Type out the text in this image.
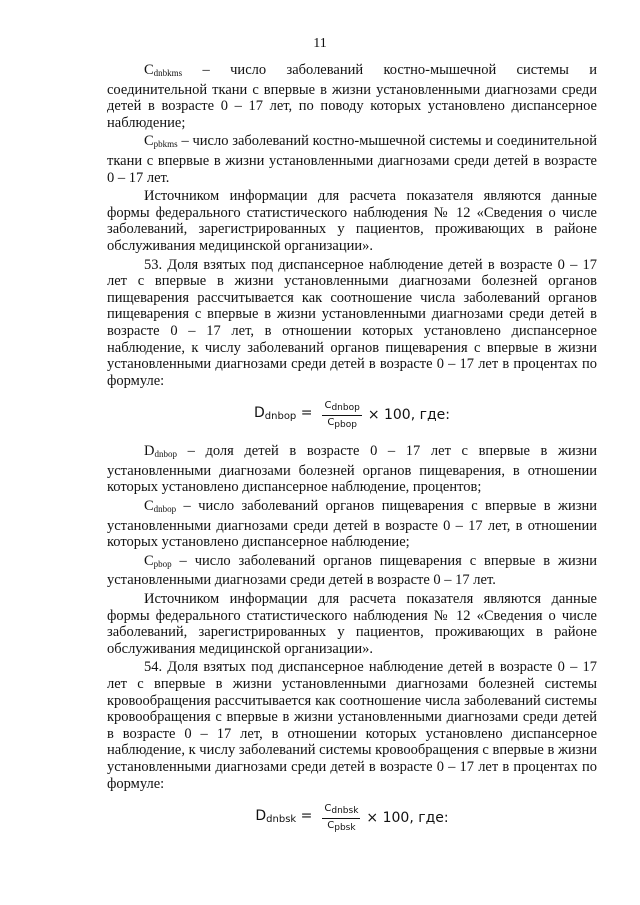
11

$C_{dnbkms}$ – число заболеваний костно-мышечной системы и соединительной ткани с впервые в жизни установленными диагнозами среди детей в возрасте 0 – 17 лет, по поводу которых установлено диспансерное наблюдение;

$C_{pbkms}$ – число заболеваний костно-мышечной системы и соединительной ткани с впервые в жизни установленными диагнозами среди детей в возрасте 0 – 17 лет.

Источником информации для расчета показателя являются данные формы федерального статистического наблюдения № 12 «Сведения о числе заболеваний, зарегистрированных у пациентов, проживающих в районе обслуживания медицинской организации».

53. Доля взятых под диспансерное наблюдение детей в возрасте 0 – 17 лет с впервые в жизни установленными диагнозами болезней органов пищеварения рассчитывается как соотношение числа заболеваний органов пищеварения с впервые в жизни установленными диагнозами среди детей в возрасте 0 – 17 лет, в отношении которых установлено диспансерное наблюдение, к числу заболеваний органов пищеварения с впервые в жизни установленными диагнозами среди детей в возрасте 0 – 17 лет в процентах по формуле:

$D_{dnbop} = \frac{C_{dnbop}}{C_{pbop}} \times 100$, где:

$D_{dnbop}$ – доля детей в возрасте 0 – 17 лет с впервые в жизни установленными диагнозами болезней органов пищеварения, в отношении которых установлено диспансерное наблюдение, процентов;

$C_{dnbop}$ – число заболеваний органов пищеварения с впервые в жизни установленными диагнозами среди детей в возрасте 0 – 17 лет, в отношении которых установлено диспансерное наблюдение;

$C_{pbop}$ – число заболеваний органов пищеварения с впервые в жизни установленными диагнозами среди детей в возрасте 0 – 17 лет.

Источником информации для расчета показателя являются данные формы федерального статистического наблюдения № 12 «Сведения о числе заболеваний, зарегистрированных у пациентов, проживающих в районе обслуживания медицинской организации».

54. Доля взятых под диспансерное наблюдение детей в возрасте 0 – 17 лет с впервые в жизни установленными диагнозами болезней системы кровообращения рассчитывается как соотношение числа заболеваний системы кровообращения с впервые в жизни установленными диагнозами среди детей в возрасте 0 – 17 лет, в отношении которых установлено диспансерное наблюдение, к числу заболеваний системы кровообращения с впервые в жизни установленными диагнозами среди детей в возрасте 0 – 17 лет в процентах по формуле:

$D_{dnbsk} = \frac{C_{dnbsk}}{C_{pbsk}} \times 100$, где:
